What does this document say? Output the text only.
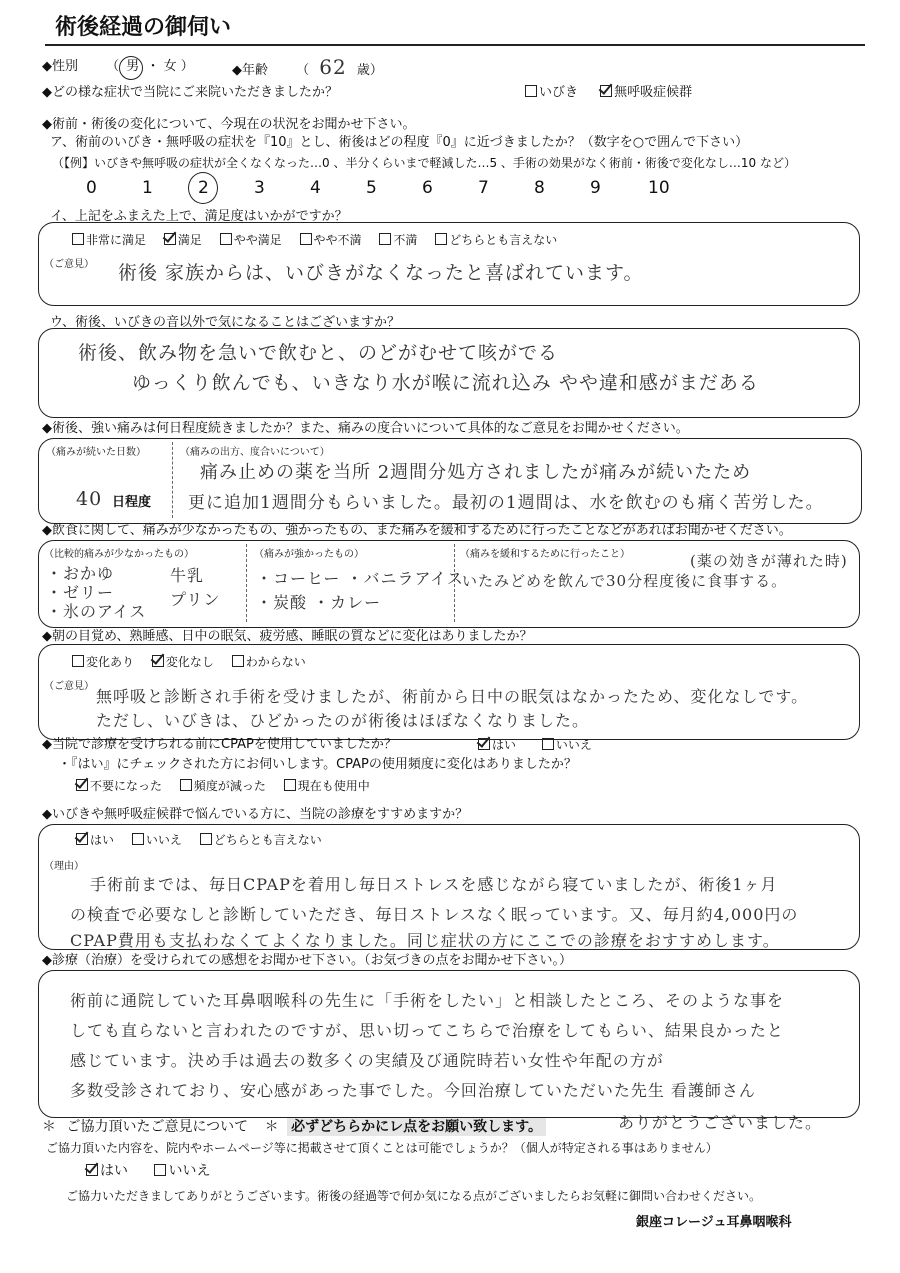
術後経過の御伺い
◆性別 （ 男 ・ 女 ）	◆年齢 （ 62 歳）
◆どの様な症状で当院にご来院いただきましたか？	いびき	無呼吸症候群
◆術前・術後の変化について、今現在の状況をお聞かせ下さい。
ア、術前のいびき・無呼吸の症状を『10』とし、術後はどの程度『0』に近づきましたか？（数字を○で囲んで下さい）
（【例】いびきや無呼吸の症状が全くなくなった…0 、半分くらいまで軽減した…5 、手術の効果がなく術前・術後で変化なし…10 など）
0	1	2	3	4	5	6	7	8	9	10
イ、上記をふまえた上で、満足度はいかがですか？
非常に満足	満足	やや満足	やや不満	不満	どちらとも言えない
（ご意見） 術後 家族からは、いびきがなくなったと喜ばれています。
ウ、術後、いびきの音以外で気になることはございますか？
術後、飲み物を急いで飲むと、のどがむせて咳がでる
ゆっくり飲んでも、いきなり水が喉に流れ込み やや違和感がまだある
◆術後、強い痛みは何日程度続きましたか？また、痛みの度合いについて具体的なご意見をお聞かせください。
（痛みが続いた日数）
40 日程度
（痛みの出方、度合いについて）
痛み止めの薬を当所 2週間分処方されましたが痛みが続いたため
更に追加1週間分もらいました。最初の1週間は、水を飲むのも痛く苦労した。
◆飲食に関して、痛みが少なかったもの、強かったもの、また痛みを緩和するために行ったことなどがあればお聞かせください。
（比較的痛みが少なかったもの）
・おかゆ
・ゼリー
・氷のアイス
牛乳
プリン
（痛みが強かったもの）
・コーヒー ・バニラアイス
・炭酸 ・カレー
（痛みを緩和するために行ったこと）	(薬の効きが薄れた時)
いたみどめを飲んで30分程度後に食事する。
◆朝の目覚め、熟睡感、日中の眠気、疲労感、睡眠の質などに変化はありましたか？
変化あり	変化なし	わからない
（ご意見）
無呼吸と診断され手術を受けましたが、術前から日中の眠気はなかったため、変化なしです。
ただし、いびきは、ひどかったのが術後はほぼなくなりました。
◆当院で診療を受けられる前にCPAPを使用していましたか？	はい	いいえ
・『はい』にチェックされた方にお伺いします。CPAPの使用頻度に変化はありましたか？
不要になった	頻度が減った	現在も使用中
◆いびきや無呼吸症候群で悩んでいる方に、当院の診療をすすめますか？
はい	いいえ	どちらとも言えない
（理由）
手術前までは、毎日CPAPを着用し毎日ストレスを感じながら寝ていましたが、術後1ヶ月
の検査で必要なしと診断していただき、毎日ストレスなく眠っています。又、毎月約4,000円の
CPAP費用も支払わなくてよくなりました。同じ症状の方にここでの診療をおすすめします。
◆診療（治療）を受けられての感想をお聞かせ下さい。（お気づきの点をお聞かせ下さい。）
術前に通院していた耳鼻咽喉科の先生に「手術をしたい」と相談したところ、そのような事を
しても直らないと言われたのですが、思い切ってこちらで治療をしてもらい、結果良かったと
感じています。決め手は過去の数多くの実績及び通院時若い女性や年配の方が
多数受診されており、安心感があった事でした。今回治療していただいた先生 看護師さん
ありがとうございました。
＊ ご協力頂いたご意見について ＊ 必ずどちらかにレ点をお願い致します。
ご協力頂いた内容を、院内やホームページ等に掲載させて頂くことは可能でしょうか？（個人が特定される事はありません）
はい	いいえ
ご協力いただきましてありがとうございます。術後の経過等で何か気になる点がございましたらお気軽に御問い合わせください。
銀座コレージュ耳鼻咽喉科
